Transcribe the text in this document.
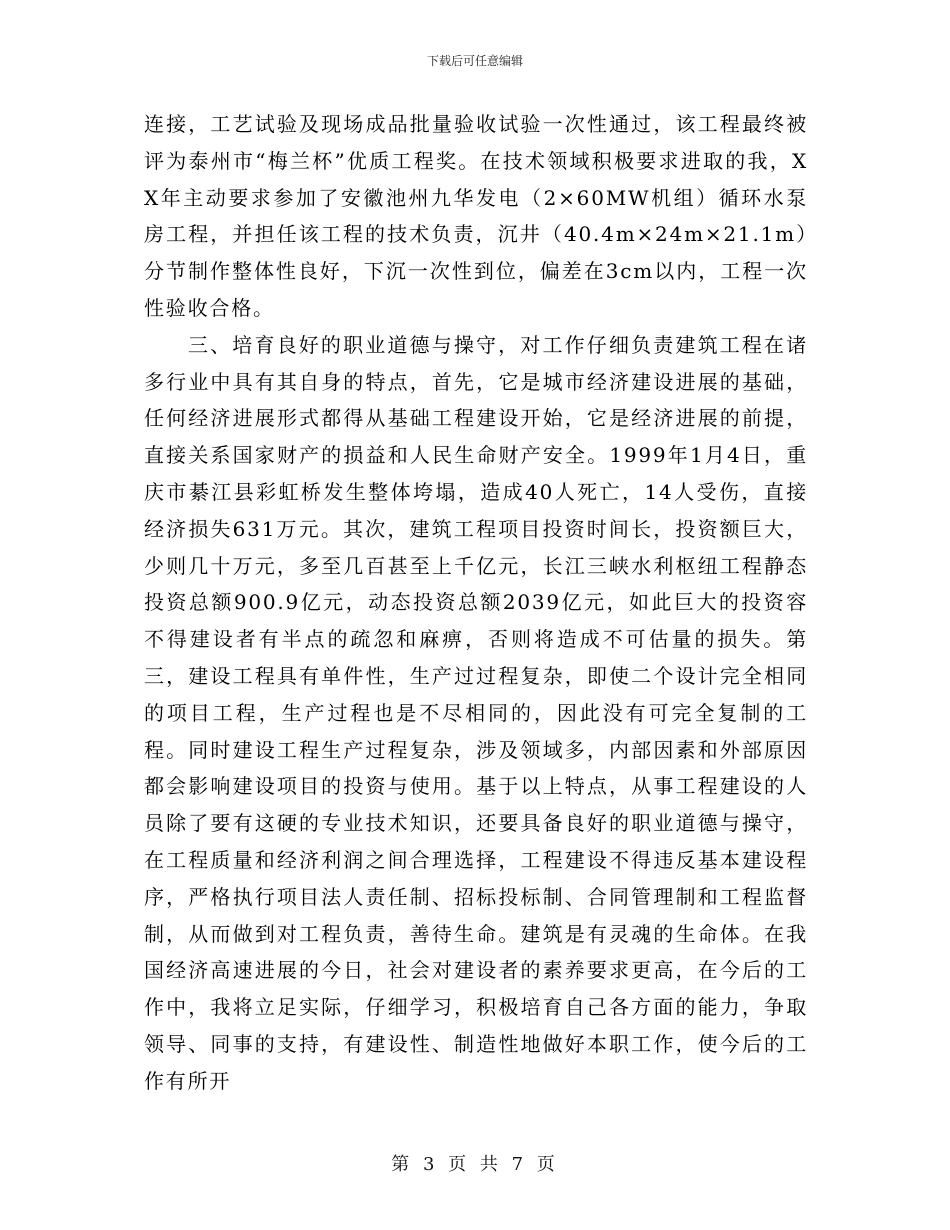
下载后可任意编辑

连接，工艺试验及现场成品批量验收试验一次性通过，该工程最终被评为泰州市“梅兰杯”优质工程奖。在技术领域积极要求进取的我，XX年主动要求参加了安徽池州九华发电（2×60MW机组）循环水泵房工程，并担任该工程的技术负责，沉井（40.4m×24m×21.1m）分节制作整体性良好，下沉一次性到位，偏差在3cm以内，工程一次性验收合格。

三、培育良好的职业道德与操守，对工作仔细负责建筑工程在诸多行业中具有其自身的特点，首先，它是城市经济建设进展的基础，任何经济进展形式都得从基础工程建设开始，它是经济进展的前提，直接关系国家财产的损益和人民生命财产安全。1999年1月4日，重庆市綦江县彩虹桥发生整体垮塌，造成40人死亡，14人受伤，直接经济损失631万元。其次，建筑工程项目投资时间长，投资额巨大，少则几十万元，多至几百甚至上千亿元，长江三峡水利枢纽工程静态投资总额900.9亿元，动态投资总额2039亿元，如此巨大的投资容不得建设者有半点的疏忽和麻痹，否则将造成不可估量的损失。第三，建设工程具有单件性，生产过过程复杂，即使二个设计完全相同的项目工程，生产过程也是不尽相同的，因此没有可完全复制的工程。同时建设工程生产过程复杂，涉及领域多，内部因素和外部原因都会影响建设项目的投资与使用。基于以上特点，从事工程建设的人员除了要有这硬的专业技术知识，还要具备良好的职业道德与操守，在工程质量和经济利润之间合理选择，工程建设不得违反基本建设程序，严格执行项目法人责任制、招标投标制、合同管理制和工程监督制，从而做到对工程负责，善待生命。建筑是有灵魂的生命体。在我国经济高速进展的今日，社会对建设者的素养要求更高，在今后的工作中，我将立足实际，仔细学习，积极培育自己各方面的能力，争取领导、同事的支持，有建设性、制造性地做好本职工作，使今后的工作有所开

第 3 页 共 7 页
